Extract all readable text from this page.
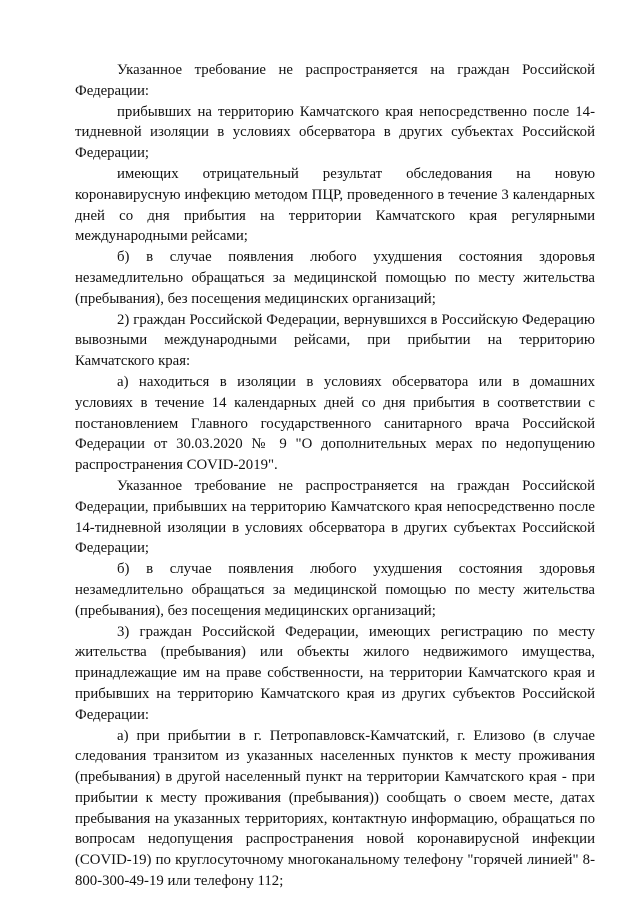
Указанное требование не распространяется на граждан Российской Федерации:

прибывших на территорию Камчатского края непосредственно после 14-тидневной изоляции в условиях обсерватора в других субъектах Российской Федерации;

имеющих отрицательный результат обследования на новую коронавирусную инфекцию методом ПЦР, проведенного в течение 3 календарных дней со дня прибытия на территории Камчатского края регулярными международными рейсами;

б) в случае появления любого ухудшения состояния здоровья незамедлительно обращаться за медицинской помощью по месту жительства (пребывания), без посещения медицинских организаций;

2) граждан Российской Федерации, вернувшихся в Российскую Федерацию вывозными международными рейсами, при прибытии на территорию Камчатского края:

а) находиться в изоляции в условиях обсерватора или в домашних условиях в течение 14 календарных дней со дня прибытия в соответствии с постановлением Главного государственного санитарного врача Российской Федерации от 30.03.2020 № 9 "О дополнительных мерах по недопущению распространения COVID-2019".

Указанное требование не распространяется на граждан Российской Федерации, прибывших на территорию Камчатского края непосредственно после 14-тидневной изоляции в условиях обсерватора в других субъектах Российской Федерации;

б) в случае появления любого ухудшения состояния здоровья незамедлительно обращаться за медицинской помощью по месту жительства (пребывания), без посещения медицинских организаций;

3) граждан Российской Федерации, имеющих регистрацию по месту жительства (пребывания) или объекты жилого недвижимого имущества, принадлежащие им на праве собственности, на территории Камчатского края и прибывших на территорию Камчатского края из других субъектов Российской Федерации:

а) при прибытии в г. Петропавловск-Камчатский, г. Елизово (в случае следования транзитом из указанных населенных пунктов к месту проживания (пребывания) в другой населенный пункт на территории Камчатского края - при прибытии к месту проживания (пребывания)) сообщать о своем месте, датах пребывания на указанных территориях, контактную информацию, обращаться по вопросам недопущения распространения новой коронавирусной инфекции (COVID-19) по круглосуточному многоканальному телефону "горячей линией" 8-800-300-49-19 или телефону 112;
